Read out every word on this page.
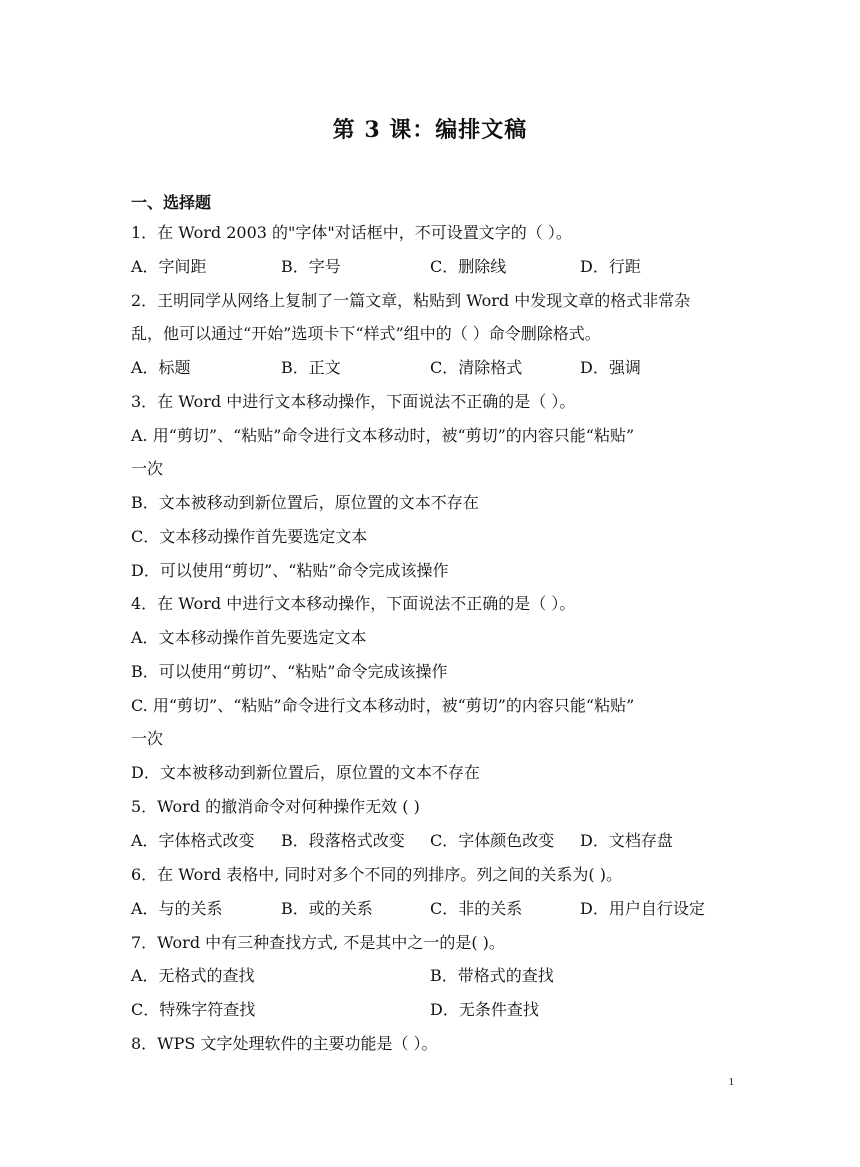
第 3 课：编排文稿
一、选择题
1．在 Word 2003 的"字体"对话框中，不可设置文字的（ ）。
A．字间距	B．字号	C．删除线	D．行距
2．王明同学从网络上复制了一篇文章，粘贴到 Word 中发现文章的格式非常杂
乱，他可以通过“开始”选项卡下“样式”组中的（ ）命令删除格式。
A．标题	B．正文	C．清除格式	D．强调
3．在 Word 中进行文本移动操作，下面说法不正确的是（ ）。
A. 用“剪切”、“粘贴”命令进行文本移动时，被“剪切”的内容只能“粘贴”
一次
B．文本被移动到新位置后，原位置的文本不存在
C．文本移动操作首先要选定文本
D．可以使用“剪切”、“粘贴”命令完成该操作
4．在 Word 中进行文本移动操作，下面说法不正确的是（ ）。
A．文本移动操作首先要选定文本
B．可以使用“剪切”、“粘贴”命令完成该操作
C. 用“剪切”、“粘贴”命令进行文本移动时，被“剪切”的内容只能“粘贴”
一次
D．文本被移动到新位置后，原位置的文本不存在
5．Word 的撤消命令对何种操作无效 ( )
A．字体格式改变 B．段落格式改变 C．字体颜色改变 D．文档存盘
6．在 Word 表格中, 同时对多个不同的列排序。列之间的关系为( )。
A．与的关系	B．或的关系	C．非的关系	D．用户自行设定
7．Word 中有三种查找方式, 不是其中之一的是( )。
A．无格式的查找	B．带格式的查找
C．特殊字符查找	D．无条件查找
8．WPS 文字处理软件的主要功能是（ ）。
1
